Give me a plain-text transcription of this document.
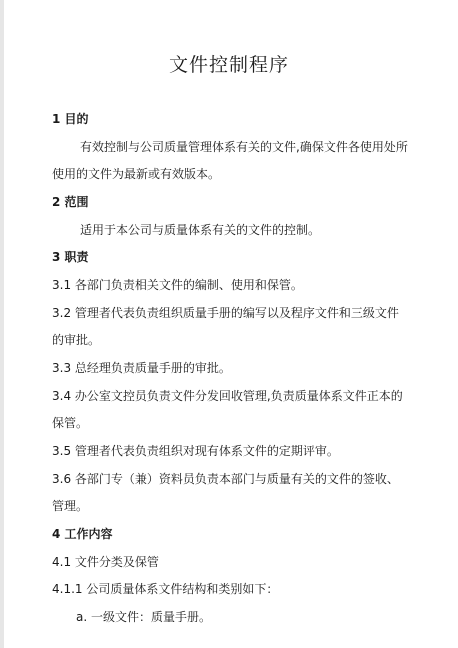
文件控制程序
1 目的
有效控制与公司质量管理体系有关的文件,确保文件各使用处所
使用的文件为最新或有效版本。
2 范围
适用于本公司与质量体系有关的文件的控制。
3 职责
3.1 各部门负责相关文件的编制、使用和保管。
3.2 管理者代表负责组织质量手册的编写以及程序文件和三级文件
的审批。
3.3 总经理负责质量手册的审批。
3.4 办公室文控员负责文件分发回收管理,负责质量体系文件正本的
保管。
3.5 管理者代表负责组织对现有体系文件的定期评审。
3.6 各部门专（兼）资料员负责本部门与质量有关的文件的签收、
管理。
4 工作内容
4.1 文件分类及保管
4.1.1 公司质量体系文件结构和类别如下：
a. 一级文件：质量手册。
